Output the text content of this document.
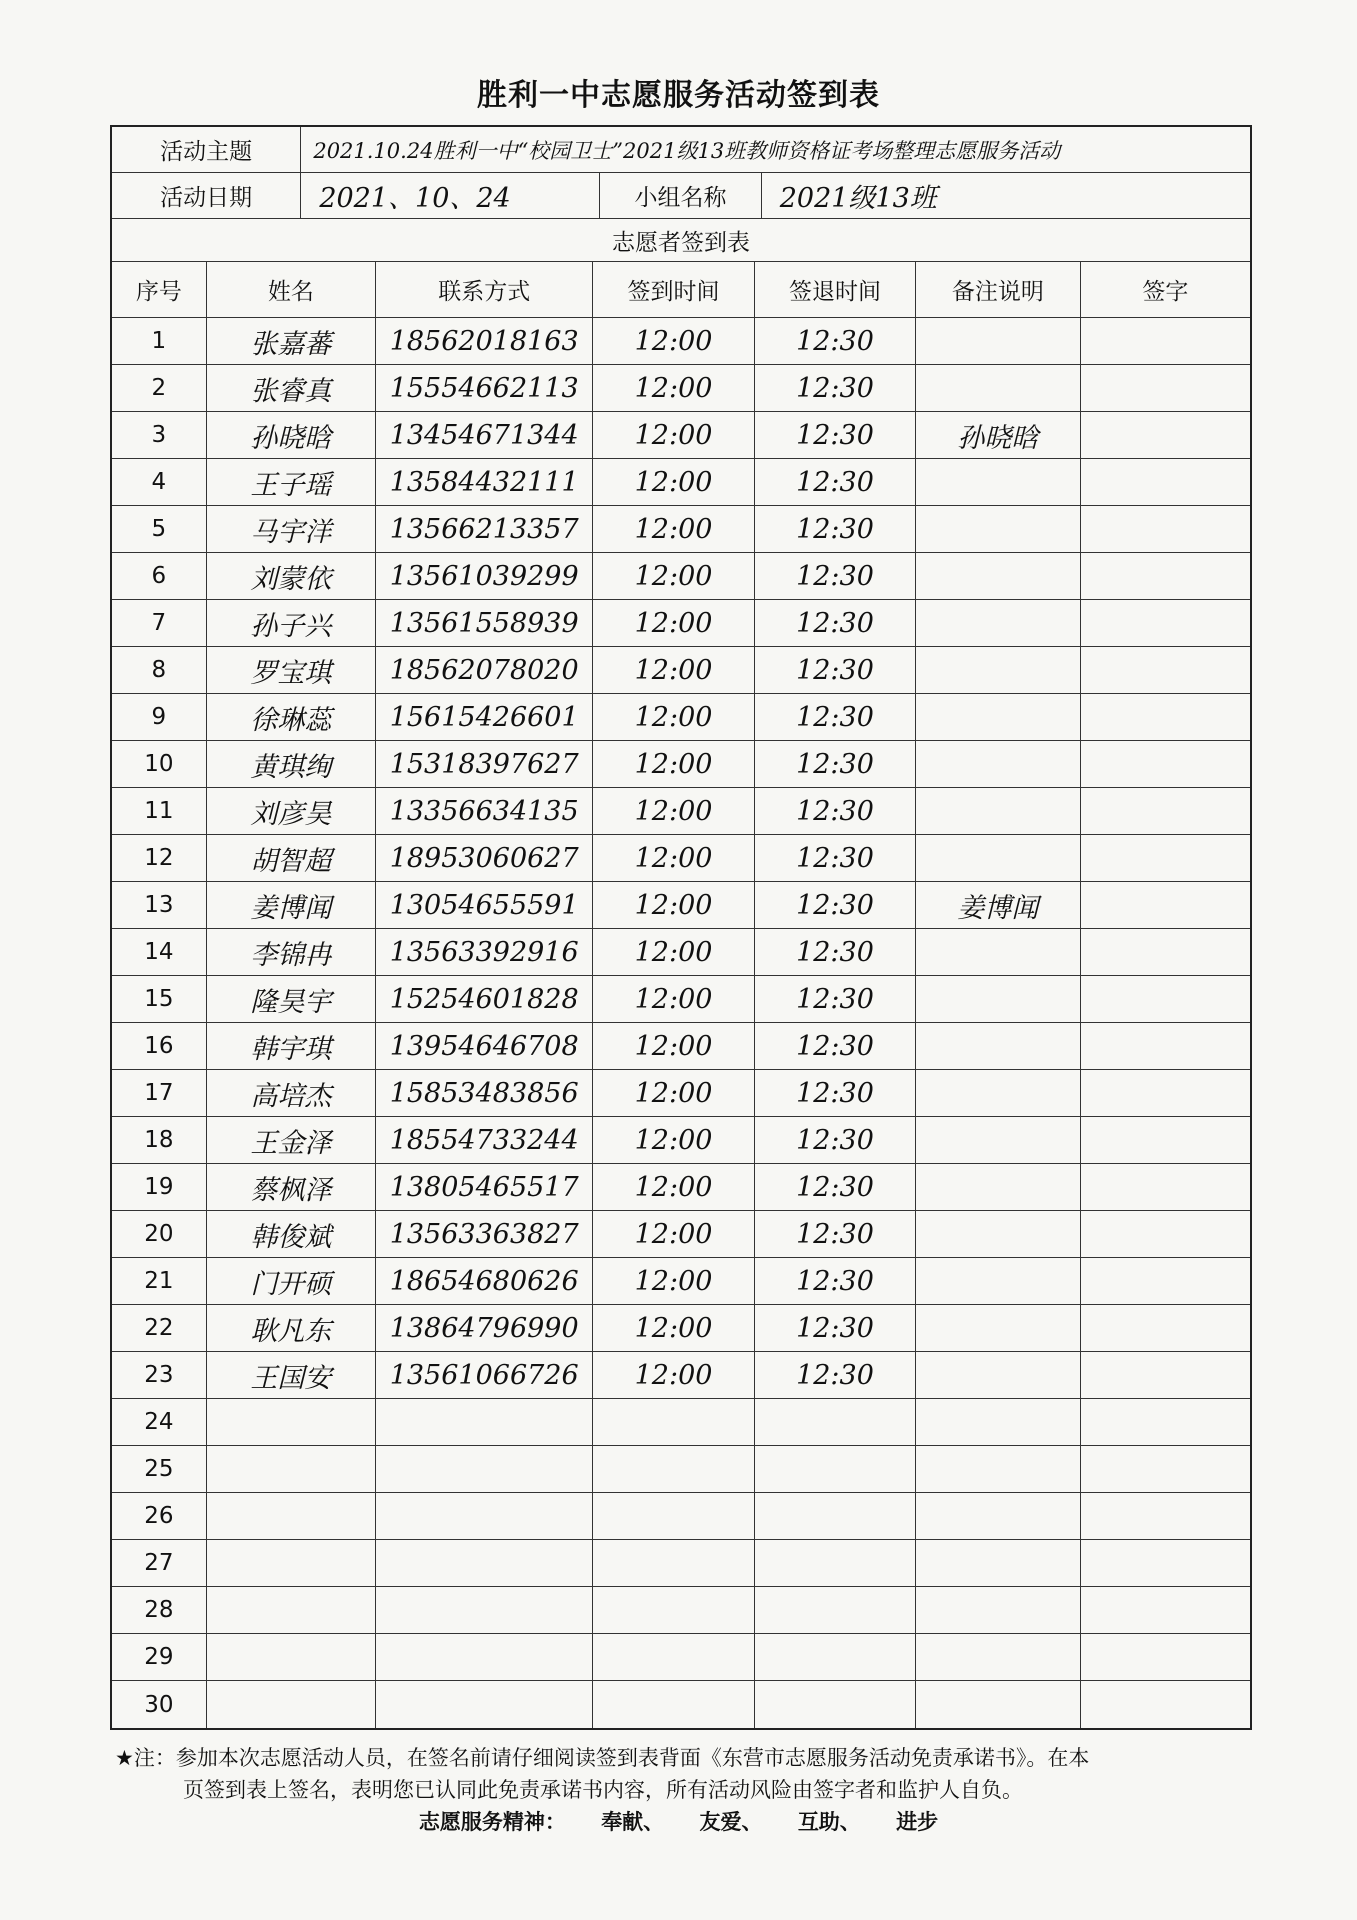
胜利一中志愿服务活动签到表
活动主题	2021.10.24胜利一中“校园卫士”2021级13班教师资格证考场整理志愿服务活动
活动日期	2021、10、24	小组名称	2021级13班
志愿者签到表
序号	姓名	联系方式	签到时间	签退时间	备注说明	签字
1	张嘉蕃	18562018163	12:00	12:30
2	张睿真	15554662113	12:00	12:30
3	孙晓晗	13454671344	12:00	12:30	孙晓晗
4	王子瑶	13584432111	12:00	12:30
5	马宇洋	13566213357	12:00	12:30
6	刘蒙依	13561039299	12:00	12:30
7	孙子兴	13561558939	12:00	12:30
8	罗宝琪	18562078020	12:00	12:30
9	徐琳蕊	15615426601	12:00	12:30
10	黄琪绚	15318397627	12:00	12:30
11	刘彦昊	13356634135	12:00	12:30
12	胡智超	18953060627	12:00	12:30
13	姜博闻	13054655591	12:00	12:30	姜博闻
14	李锦冉	13563392916	12:00	12:30
15	隆昊宇	15254601828	12:00	12:30
16	韩宇琪	13954646708	12:00	12:30
17	高培杰	15853483856	12:00	12:30
18	王金泽	18554733244	12:00	12:30
19	蔡枫泽	13805465517	12:00	12:30
20	韩俊斌	13563363827	12:00	12:30
21	门开硕	18654680626	12:00	12:30
22	耿凡东	13864796990	12:00	12:30
23	王国安	13561066726	12:00	12:30
24
25
26
27
28
29
30
★注：参加本次志愿活动人员，在签名前请仔细阅读签到表背面《东营市志愿服务活动免责承诺书》。在本
页签到表上签名，表明您已认同此免责承诺书内容，所有活动风险由签字者和监护人自负。
志愿服务精神： 奉献、 友爱、 互助、 进步
